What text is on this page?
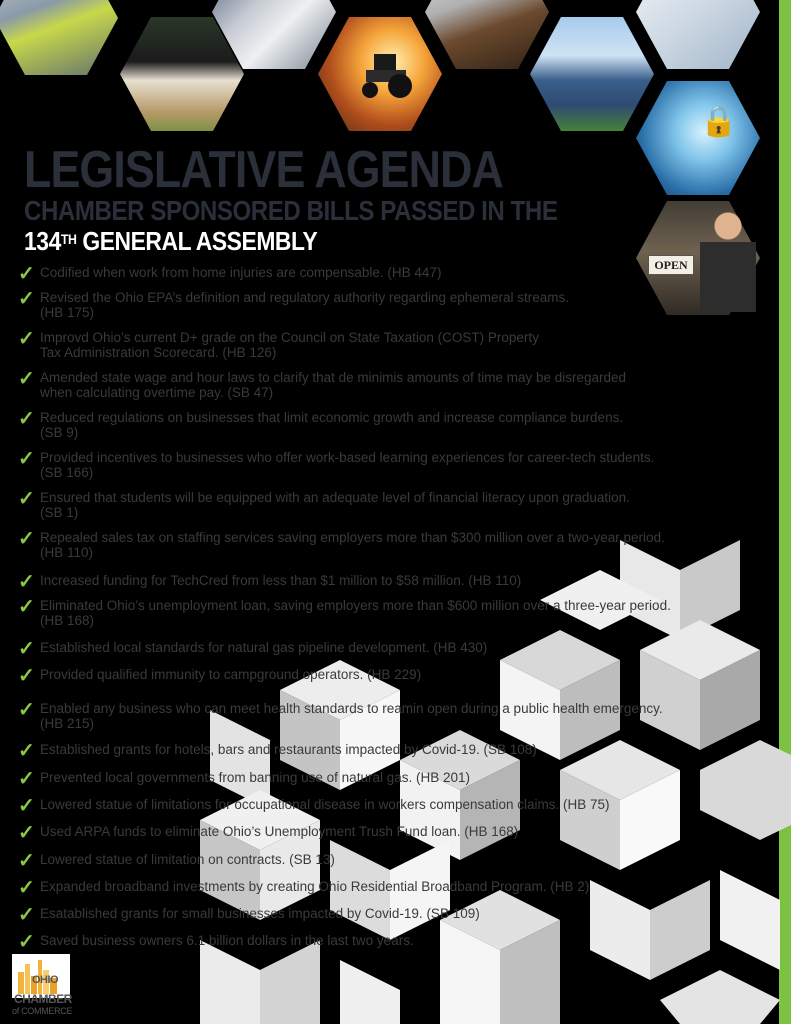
🔒
OPEN
LEGISLATIVE AGENDA
CHAMBER SPONSORED BILLS PASSED IN THE
134TH GENERAL ASSEMBLY
✓ Codified when work from home injuries are compensable. (HB 447)
✓ Revised the Ohio EPA’s definition and regulatory authority regarding ephemeral streams.
(HB 175)
✓ Improvd Ohio’s current D+ grade on the Council on State Taxation (COST) Property
Tax Administration Scorecard. (HB 126)
✓ Amended state wage and hour laws to clarify that de minimis amounts of time may be disregarded
when calculating overtime pay. (SB 47)
✓ Reduced regulations on businesses that limit economic growth and increase compliance burdens.
(SB 9)
✓ Provided incentives to businesses who offer work-based learning experiences for career-tech students.
(SB 166)
✓ Ensured that students will be equipped with an adequate level of financial literacy upon graduation.
(SB 1)
✓ Repealed sales tax on staffing services saving employers more than $300 million over a two-year period.
(HB 110)
✓ Increased funding for TechCred from less than $1 million to $58 million. (HB 110)
✓ Eliminated Ohio’s unemployment loan, saving employers more than $600 million over a three-year period.
(HB 168)
✓ Established local standards for natural gas pipeline development. (HB 430)
✓ Provided qualified immunity to campground operators. (HB 229)
✓ Enabled any business who can meet health standards to reamin open during a public health emergency.
(HB 215)
✓ Established grants for hotels, bars and restaurants impacted by Covid-19. (SB 108)
✓ Prevented local governments from banning use of natural gas. (HB 201)
✓ Lowered statue of limitations for occupational disease in workers compensation claims. (HB 75)
✓ Used ARPA funds to eliminate Ohio’s Unemployment Trush Fund loan. (HB 168)
✓ Lowered statue of limitation on contracts. (SB 13)
✓ Expanded broadband investments by creating Ohio Residential Broadband Program. (HB 2)
✓ Esatablished grants for small businesses impacted by Covid-19. (SB 109)
✓ Saved business owners 6.1 billion dollars in the last two years.
OHIO
CHAMBER
of COMMERCE
